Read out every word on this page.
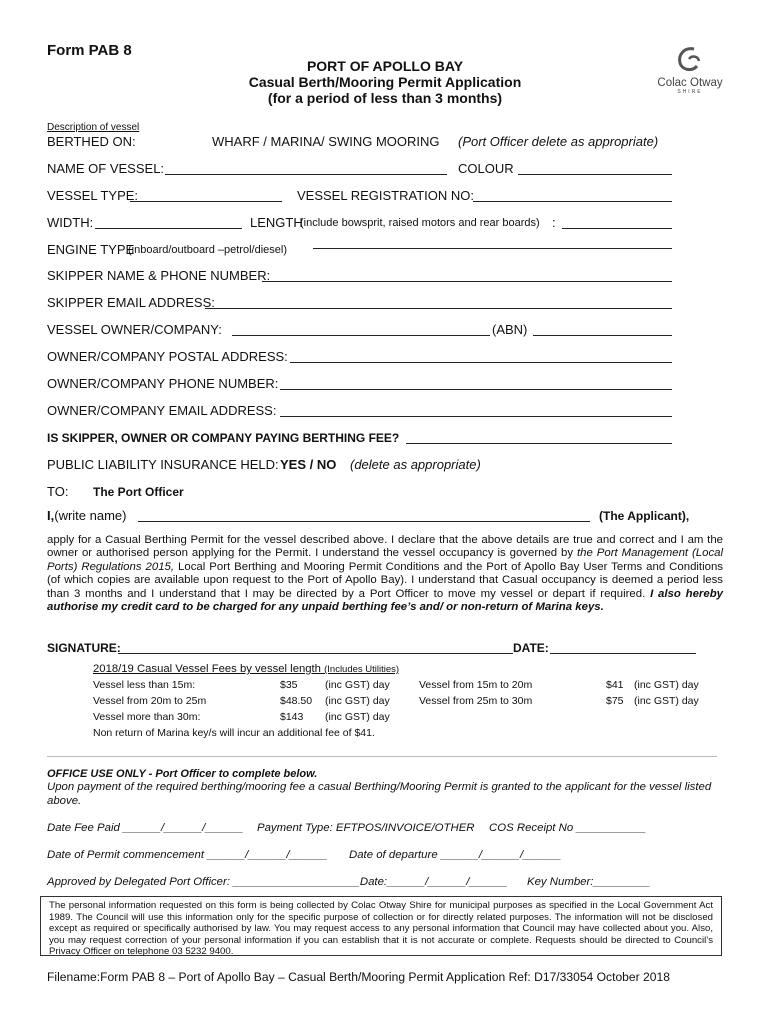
Form PAB 8
PORT OF APOLLO BAY
Casual Berth/Mooring Permit Application
(for a period of less than 3 months)
Colac Otway
SHIRE
Description of vessel
BERTHED ON:	WHARF / MARINA/ SWING MOORING (Port Officer delete as appropriate)
NAME OF VESSEL:	COLOUR
VESSEL TYPE:	VESSEL REGISTRATION NO:
WIDTH:	LENGTH
(include bowsprit, raised motors and rear boards) :
ENGINE TYPE
(inboard/outboard –petrol/diesel)
SKIPPER NAME & PHONE NUMBER:
SKIPPER EMAIL ADDRESS:
VESSEL OWNER/COMPANY:	(ABN)
OWNER/COMPANY POSTAL ADDRESS:
OWNER/COMPANY PHONE NUMBER:
OWNER/COMPANY EMAIL ADDRESS:
IS SKIPPER, OWNER OR COMPANY PAYING BERTHING FEE?
PUBLIC LIABILITY INSURANCE HELD: YES / NO (delete as appropriate)
TO: The Port Officer
I,(write name)	(The Applicant),
apply for a Casual Berthing Permit for the vessel described above. I declare that the above details are true and correct and I am the owner or authorised person applying for the Permit. I understand the vessel occupancy is governed by the Port Management (Local Ports) Regulations 2015, Local Port Berthing and Mooring Permit Conditions and the Port of Apollo Bay User Terms and Conditions (of which copies are available upon request to the Port of Apollo Bay). I understand that Casual occupancy is deemed a period less than 3 months and I understand that I may be directed by a Port Officer to move my vessel or depart if required. I also hereby authorise my credit card to be charged for any unpaid berthing fee’s and/ or non-return of Marina keys.
SIGNATURE:	DATE:
2018/19 Casual Vessel Fees by vessel length (Includes Utilities)
Vessel less than 15m:	$35	(inc GST) day	Vessel from 15m to 20m	$41 (inc GST) day
Vessel from 20m to 25m	$48.50 (inc GST) day	Vessel from 25m to 30m	$75 (inc GST) day
Vessel more than 30m:	$143 (inc GST) day
Non return of Marina key/s will incur an additional fee of $41.
OFFICE USE ONLY - Port Officer to complete below.
Upon payment of the required berthing/mooring fee a casual Berthing/Mooring Permit is granted to the applicant for the vessel listed above.
Date Fee Paid ______/______/______ Payment Type: EFTPOS/INVOICE/OTHER COS Receipt No ___________
Date of Permit commencement ______/______/______ Date of departure ______/______/______
Approved by Delegated Port Officer: ____________________Date:______/______/______ Key Number:_________
The personal information requested on this form is being collected by Colac Otway Shire for municipal purposes as specified in the Local Government Act 1989. The Council will use this information only for the specific purpose of collection or for directly related purposes. The information will not be disclosed except as required or specifically authorised by law. You may request access to any personal information that Council may have collected about you. Also, you may request correction of your personal information if you can establish that it is not accurate or complete. Requests should be directed to Council’s Privacy Officer on telephone 03 5232 9400.
Filename:Form PAB 8 – Port of Apollo Bay – Casual Berth/Mooring Permit Application Ref: D17/33054 October 2018
